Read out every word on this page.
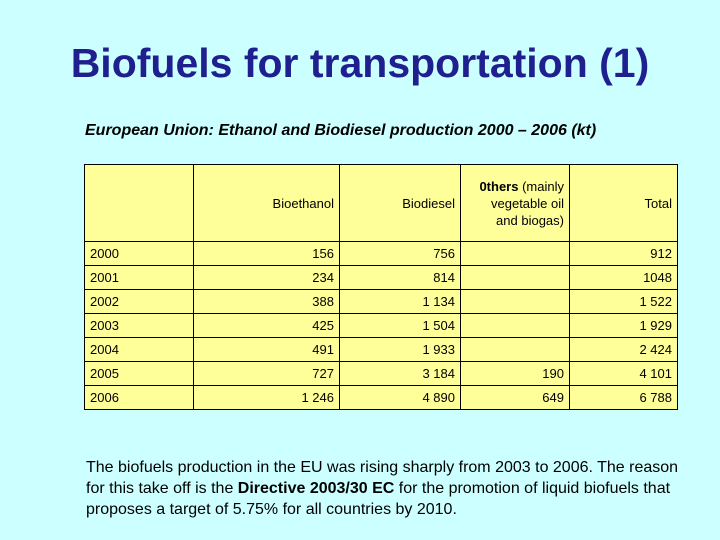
Biofuels for transportation (1)
European Union: Ethanol and Biodiesel production 2000 – 2006 (kt)
	Bioethanol	Biodiesel	0thers (mainly vegetable oil and biogas)	Total
2000	156	756		912
2001	234	814		1048
2002	388	1 134		1 522
2003	425	1 504		1 929
2004	491	1 933		2 424
2005	727	3 184	190	4 101
2006	1 246	4 890	649	6 788
The biofuels production in the EU was rising sharply from 2003 to 2006. The reason for this take off is the Directive 2003/30 EC for the promotion of liquid biofuels that proposes a target of 5.75% for all countries by 2010.
